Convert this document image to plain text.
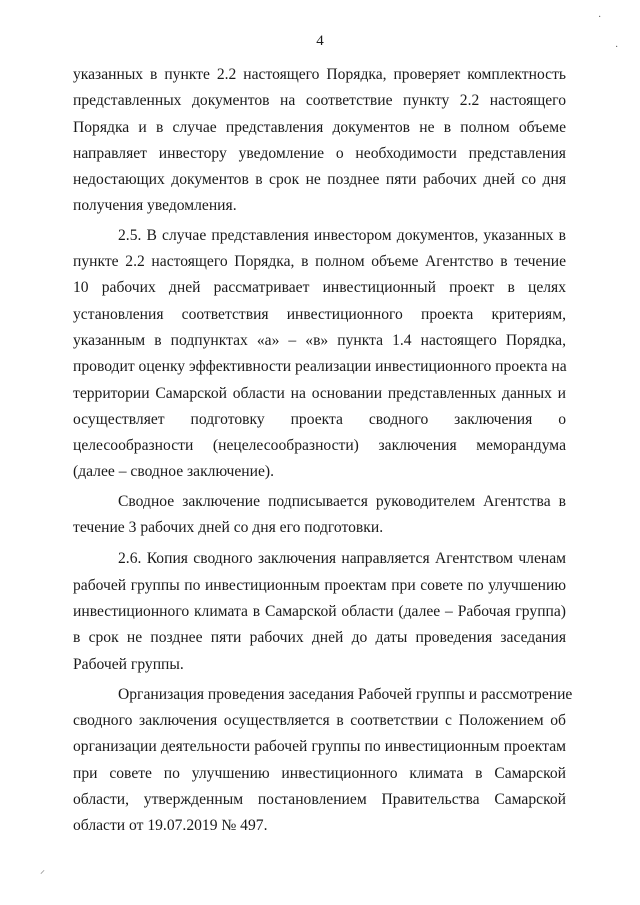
4
указанных в пункте 2.2 настоящего Порядка, проверяет комплектность
представленных документов на соответствие пункту 2.2 настоящего
Порядка и в случае представления документов не в полном объеме
направляет инвестору уведомление о необходимости представления
недостающих документов в срок не позднее пяти рабочих дней со дня
получения уведомления.
2.5. В случае представления инвестором документов, указанных в
пункте 2.2 настоящего Порядка, в полном объеме Агентство в течение
10 рабочих дней рассматривает инвестиционный проект в целях
установления соответствия инвестиционного проекта критериям,
указанным в подпунктах «а» – «в» пункта 1.4 настоящего Порядка,
проводит оценку эффективности реализации инвестиционного проекта на
территории Самарской области на основании представленных данных и
осуществляет подготовку проекта сводного заключения о
целесообразности (нецелесообразности) заключения меморандума
(далее – сводное заключение).
Сводное заключение подписывается руководителем Агентства в
течение 3 рабочих дней со дня его подготовки.
2.6. Копия сводного заключения направляется Агентством членам
рабочей группы по инвестиционным проектам при совете по улучшению
инвестиционного климата в Самарской области (далее – Рабочая группа)
в срок не позднее пяти рабочих дней до даты проведения заседания
Рабочей группы.
Организация проведения заседания Рабочей группы и рассмотрение
сводного заключения осуществляется в соответствии с Положением об
организации деятельности рабочей группы по инвестиционным проектам
при совете по улучшению инвестиционного климата в Самарской
области, утвержденным постановлением Правительства Самарской
области от 19.07.2019 № 497.
·
·
⸝
